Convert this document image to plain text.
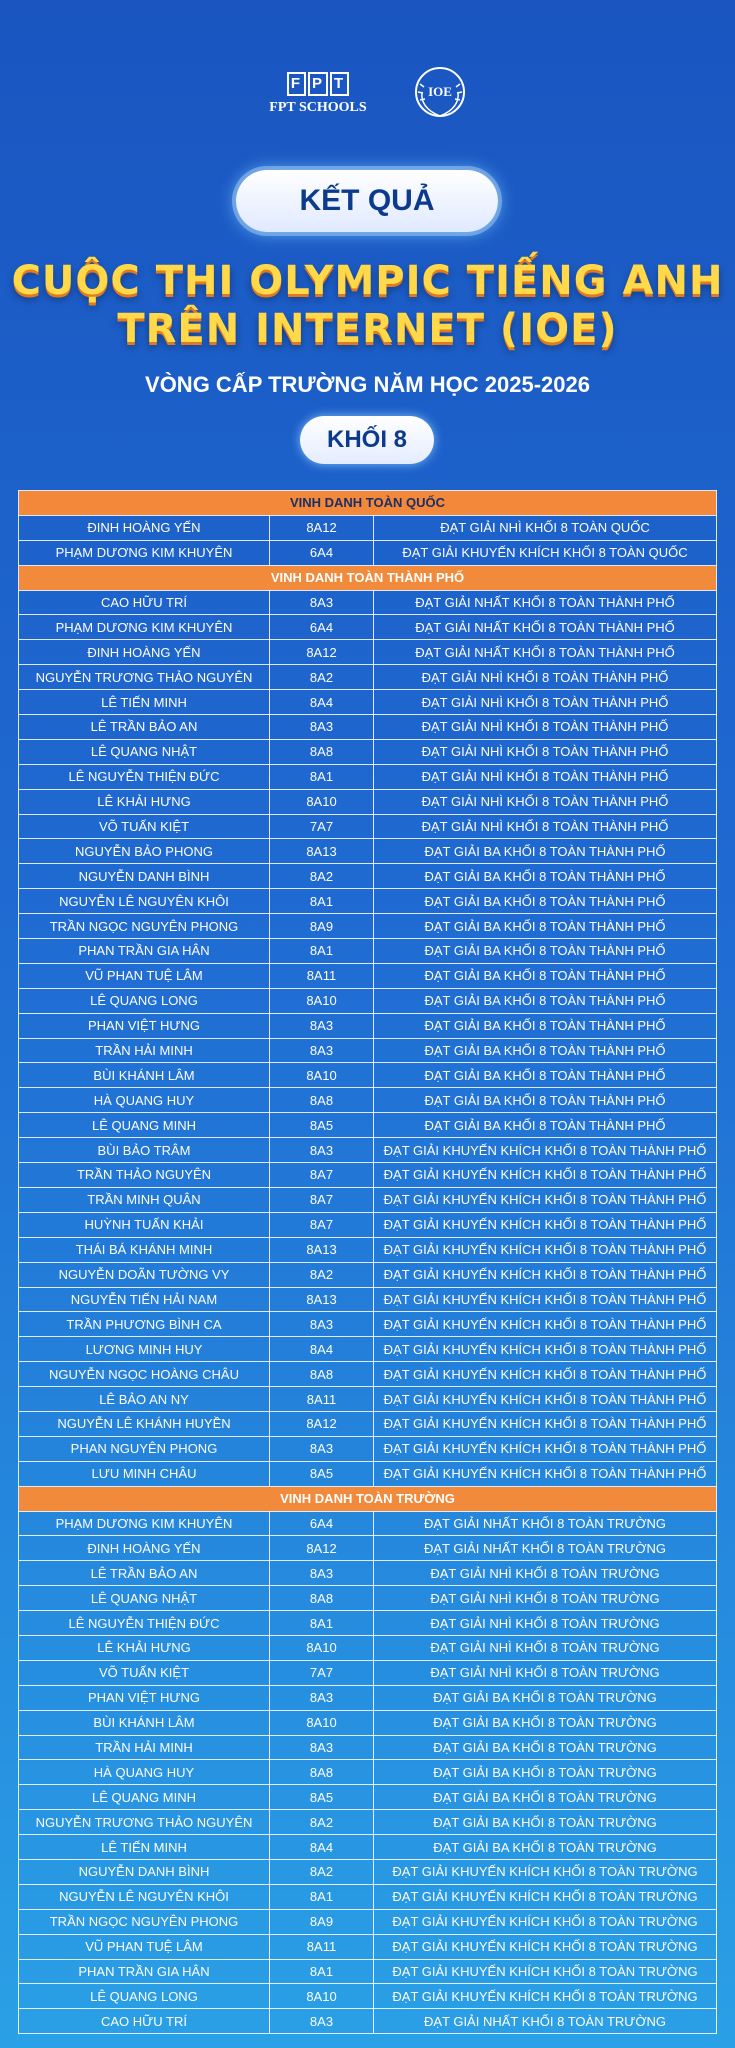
F P T
FPT SCHOOLS
IOE
KẾT QUẢ
CUỘC THI OLYMPIC TIẾNG ANH
TRÊN INTERNET (IOE)
VÒNG CẤP TRƯỜNG NĂM HỌC 2025-2026
KHỐI 8
VINH DANH TOÀN QUỐC		
ĐINH HOÀNG YẾN	8A12	ĐẠT GIẢI NHÌ KHỐI 8 TOÀN QUỐC
PHẠM DƯƠNG KIM KHUYÊN	6A4	ĐẠT GIẢI KHUYẾN KHÍCH KHỐI 8 TOÀN QUỐC
VINH DANH TOÀN THÀNH PHỐ		
CAO HỮU TRÍ	8A3	ĐẠT GIẢI NHẤT KHỐI 8 TOÀN THÀNH PHỐ
PHẠM DƯƠNG KIM KHUYÊN	6A4	ĐẠT GIẢI NHẤT KHỐI 8 TOÀN THÀNH PHỐ
ĐINH HOÀNG YẾN	8A12	ĐẠT GIẢI NHẤT KHỐI 8 TOÀN THÀNH PHỐ
NGUYỄN TRƯƠNG THẢO NGUYÊN	8A2	ĐẠT GIẢI NHÌ KHỐI 8 TOÀN THÀNH PHỐ
LÊ TIẾN MINH	8A4	ĐẠT GIẢI NHÌ KHỐI 8 TOÀN THÀNH PHỐ
LÊ TRẦN BẢO AN	8A3	ĐẠT GIẢI NHÌ KHỐI 8 TOÀN THÀNH PHỐ
LÊ QUANG NHẬT	8A8	ĐẠT GIẢI NHÌ KHỐI 8 TOÀN THÀNH PHỐ
LÊ NGUYỄN THIỆN ĐỨC	8A1	ĐẠT GIẢI NHÌ KHỐI 8 TOÀN THÀNH PHỐ
LÊ KHẢI HƯNG	8A10	ĐẠT GIẢI NHÌ KHỐI 8 TOÀN THÀNH PHỐ
VÕ TUẤN KIỆT	7A7	ĐẠT GIẢI NHÌ KHỐI 8 TOÀN THÀNH PHỐ
NGUYỄN BẢO PHONG	8A13	ĐẠT GIẢI BA KHỐI 8 TOÀN THÀNH PHỐ
NGUYỄN DANH BÌNH	8A2	ĐẠT GIẢI BA KHỐI 8 TOÀN THÀNH PHỐ
NGUYỄN LÊ NGUYÊN KHÔI	8A1	ĐẠT GIẢI BA KHỐI 8 TOÀN THÀNH PHỐ
TRẦN NGỌC NGUYÊN PHONG	8A9	ĐẠT GIẢI BA KHỐI 8 TOÀN THÀNH PHỐ
PHAN TRẦN GIA HÂN	8A1	ĐẠT GIẢI BA KHỐI 8 TOÀN THÀNH PHỐ
VŨ PHAN TUỆ LÂM	8A11	ĐẠT GIẢI BA KHỐI 8 TOÀN THÀNH PHỐ
LÊ QUANG LONG	8A10	ĐẠT GIẢI BA KHỐI 8 TOÀN THÀNH PHỐ
PHAN VIỆT HƯNG	8A3	ĐẠT GIẢI BA KHỐI 8 TOÀN THÀNH PHỐ
TRẦN HẢI MINH	8A3	ĐẠT GIẢI BA KHỐI 8 TOÀN THÀNH PHỐ
BÙI KHÁNH LÂM	8A10	ĐẠT GIẢI BA KHỐI 8 TOÀN THÀNH PHỐ
HÀ QUANG HUY	8A8	ĐẠT GIẢI BA KHỐI 8 TOÀN THÀNH PHỐ
LÊ QUANG MINH	8A5	ĐẠT GIẢI BA KHỐI 8 TOÀN THÀNH PHỐ
BÙI BẢO TRÂM	8A3	ĐẠT GIẢI KHUYẾN KHÍCH KHỐI 8 TOÀN THÀNH PHỐ
TRẦN THẢO NGUYÊN	8A7	ĐẠT GIẢI KHUYẾN KHÍCH KHỐI 8 TOÀN THÀNH PHỐ
TRẦN MINH QUÂN	8A7	ĐẠT GIẢI KHUYẾN KHÍCH KHỐI 8 TOÀN THÀNH PHỐ
HUỲNH TUẤN KHẢI	8A7	ĐẠT GIẢI KHUYẾN KHÍCH KHỐI 8 TOÀN THÀNH PHỐ
THÁI BÁ KHÁNH MINH	8A13	ĐẠT GIẢI KHUYẾN KHÍCH KHỐI 8 TOÀN THÀNH PHỐ
NGUYỄN DOÃN TƯỜNG VY	8A2	ĐẠT GIẢI KHUYẾN KHÍCH KHỐI 8 TOÀN THÀNH PHỐ
NGUYỄN TIẾN HẢI NAM	8A13	ĐẠT GIẢI KHUYẾN KHÍCH KHỐI 8 TOÀN THÀNH PHỐ
TRẦN PHƯƠNG BÌNH CA	8A3	ĐẠT GIẢI KHUYẾN KHÍCH KHỐI 8 TOÀN THÀNH PHỐ
LƯƠNG MINH HUY	8A4	ĐẠT GIẢI KHUYẾN KHÍCH KHỐI 8 TOÀN THÀNH PHỐ
NGUYỄN NGỌC HOÀNG CHÂU	8A8	ĐẠT GIẢI KHUYẾN KHÍCH KHỐI 8 TOÀN THÀNH PHỐ
LÊ BẢO AN NY	8A11	ĐẠT GIẢI KHUYẾN KHÍCH KHỐI 8 TOÀN THÀNH PHỐ
NGUYỄN LÊ KHÁNH HUYỀN	8A12	ĐẠT GIẢI KHUYẾN KHÍCH KHỐI 8 TOÀN THÀNH PHỐ
PHAN NGUYÊN PHONG	8A3	ĐẠT GIẢI KHUYẾN KHÍCH KHỐI 8 TOÀN THÀNH PHỐ
LƯU MINH CHÂU	8A5	ĐẠT GIẢI KHUYẾN KHÍCH KHỐI 8 TOÀN THÀNH PHỐ
VINH DANH TOÀN TRƯỜNG		
PHẠM DƯƠNG KIM KHUYÊN	6A4	ĐẠT GIẢI NHẤT KHỐI 8 TOÀN TRƯỜNG
ĐINH HOÀNG YẾN	8A12	ĐẠT GIẢI NHẤT KHỐI 8 TOÀN TRƯỜNG
LÊ TRẦN BẢO AN	8A3	ĐẠT GIẢI NHÌ KHỐI 8 TOÀN TRƯỜNG
LÊ QUANG NHẬT	8A8	ĐẠT GIẢI NHÌ KHỐI 8 TOÀN TRƯỜNG
LÊ NGUYỄN THIỆN ĐỨC	8A1	ĐẠT GIẢI NHÌ KHỐI 8 TOÀN TRƯỜNG
LÊ KHẢI HƯNG	8A10	ĐẠT GIẢI NHÌ KHỐI 8 TOÀN TRƯỜNG
VÕ TUẤN KIỆT	7A7	ĐẠT GIẢI NHÌ KHỐI 8 TOÀN TRƯỜNG
PHAN VIỆT HƯNG	8A3	ĐẠT GIẢI BA KHỐI 8 TOÀN TRƯỜNG
BÙI KHÁNH LÂM	8A10	ĐẠT GIẢI BA KHỐI 8 TOÀN TRƯỜNG
TRẦN HẢI MINH	8A3	ĐẠT GIẢI BA KHỐI 8 TOÀN TRƯỜNG
HÀ QUANG HUY	8A8	ĐẠT GIẢI BA KHỐI 8 TOÀN TRƯỜNG
LÊ QUANG MINH	8A5	ĐẠT GIẢI BA KHỐI 8 TOÀN TRƯỜNG
NGUYỄN TRƯƠNG THẢO NGUYÊN	8A2	ĐẠT GIẢI BA KHỐI 8 TOÀN TRƯỜNG
LÊ TIẾN MINH	8A4	ĐẠT GIẢI BA KHỐI 8 TOÀN TRƯỜNG
NGUYỄN DANH BÌNH	8A2	ĐẠT GIẢI KHUYẾN KHÍCH KHỐI 8 TOÀN TRƯỜNG
NGUYỄN LÊ NGUYÊN KHÔI	8A1	ĐẠT GIẢI KHUYẾN KHÍCH KHỐI 8 TOÀN TRƯỜNG
TRẦN NGỌC NGUYÊN PHONG	8A9	ĐẠT GIẢI KHUYẾN KHÍCH KHỐI 8 TOÀN TRƯỜNG
VŨ PHAN TUỆ LÂM	8A11	ĐẠT GIẢI KHUYẾN KHÍCH KHỐI 8 TOÀN TRƯỜNG
PHAN TRẦN GIA HÂN	8A1	ĐẠT GIẢI KHUYẾN KHÍCH KHỐI 8 TOÀN TRƯỜNG
LÊ QUANG LONG	8A10	ĐẠT GIẢI KHUYẾN KHÍCH KHỐI 8 TOÀN TRƯỜNG
CAO HỮU TRÍ	8A3	ĐẠT GIẢI NHẤT KHỐI 8 TOÀN TRƯỜNG
